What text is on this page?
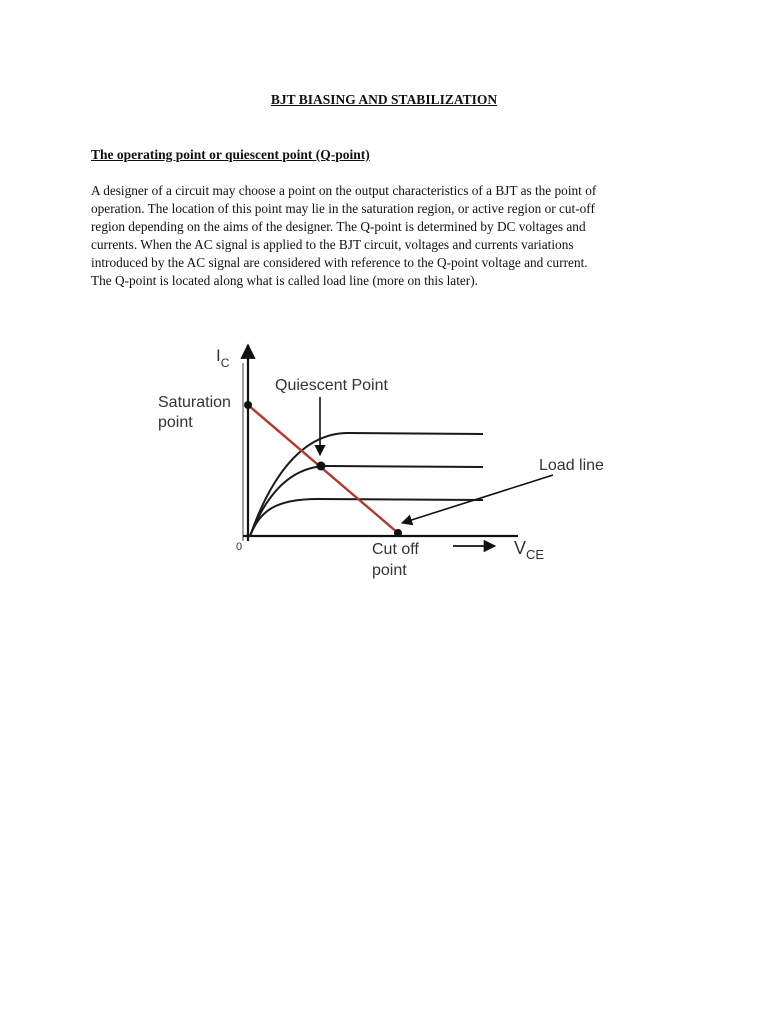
BJT BIASING AND STABILIZATION
The operating point or quiescent point (Q-point)
A designer of a circuit may choose a point on the output characteristics of a BJT as the point of
operation. The location of this point may lie in the saturation region, or active region or cut-off
region depending on the aims of the designer. The Q-point is determined by DC voltages and
currents. When the AC signal is applied to the BJT circuit, voltages and currents variations
introduced by the AC signal are considered with reference to the Q-point voltage and current.
The Q-point is located along what is called load line (more on this later).
$I_C$
0
Saturation
point
Quiescent Point
Load line
Cut off
point
$V_{CE}$
